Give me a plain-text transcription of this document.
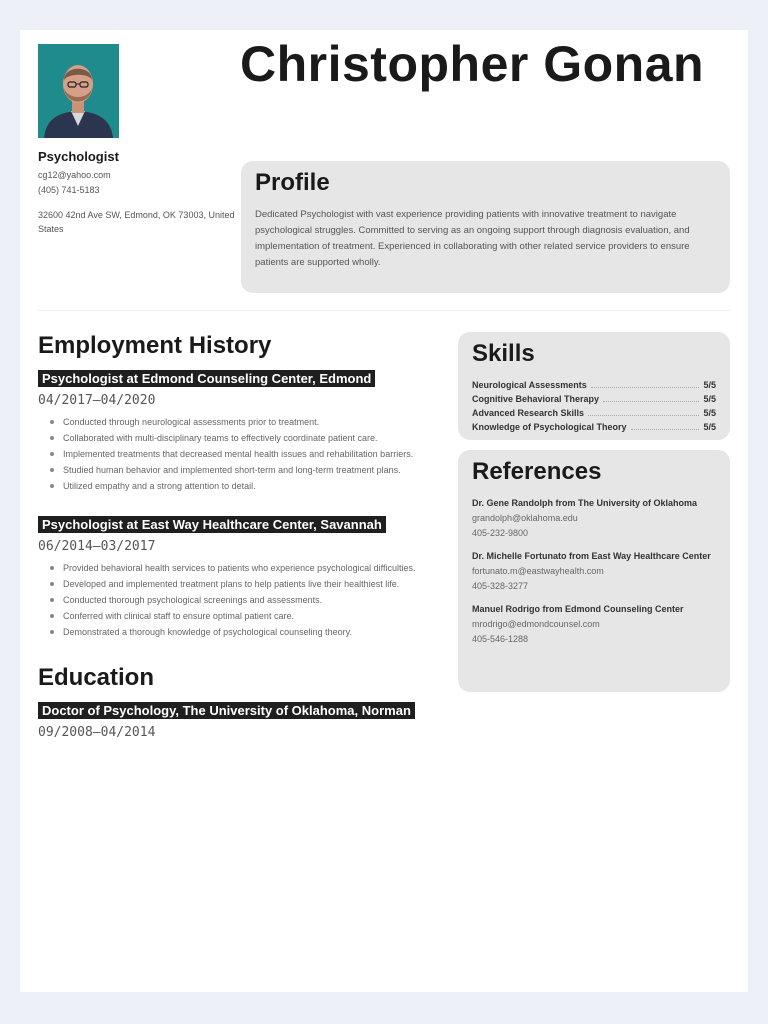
Psychologist
cg12@yahoo.com
(405) 741-5183
32600 42nd Ave SW, Edmond, OK 73003, United States
Christopher Gonan
Profile
Dedicated Psychologist with vast experience providing patients with innovative treatment to navigate psychological struggles. Committed to serving as an ongoing support through diagnosis evaluation, and implementation of treatment. Experienced in collaborating with other related service providers to ensure patients are supported wholly.
Employment History
Psychologist at Edmond Counseling Center, Edmond
04/2017—04/2020
Conducted through neurological assessments prior to treatment.
Collaborated with multi-disciplinary teams to effectively coordinate patient care.
Implemented treatments that decreased mental health issues and rehabilitation barriers.
Studied human behavior and implemented short-term and long-term treatment plans.
Utilized empathy and a strong attention to detail.
Psychologist at East Way Healthcare Center, Savannah
06/2014—03/2017
Provided behavioral health services to patients who experience psychological difficulties.
Developed and implemented treatment plans to help patients live their healthiest life.
Conducted thorough psychological screenings and assessments.
Conferred with clinical staff to ensure optimal patient care.
Demonstrated a thorough knowledge of psychological counseling theory.
Education
Doctor of Psychology, The University of Oklahoma, Norman
09/2008—04/2014
Skills
Neurological Assessments	5/5
Cognitive Behavioral Therapy	5/5
Advanced Research Skills	5/5
Knowledge of Psychological Theory	5/5
References
Dr. Gene Randolph from The University of Oklahoma
grandolph@oklahoma.edu
405-232-9800
Dr. Michelle Fortunato from East Way Healthcare Center
fortunato.m@eastwayhealth.com
405-328-3277
Manuel Rodrigo from Edmond Counseling Center
mrodrigo@edmondcounsel.com
405-546-1288
